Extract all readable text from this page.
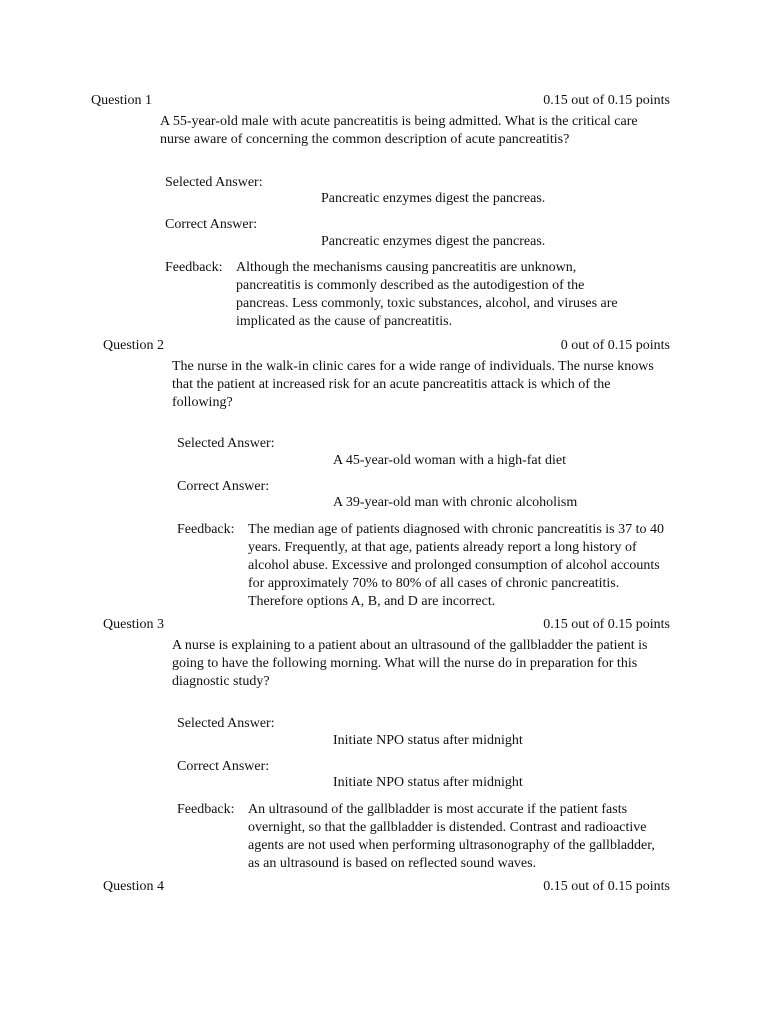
Question 1	0.15 out of 0.15 points
A 55-year-old male with acute pancreatitis is being admitted. What is the critical care nurse aware of concerning the common description of acute pancreatitis?
Selected Answer:
Pancreatic enzymes digest the pancreas.
Correct Answer:
Pancreatic enzymes digest the pancreas.
Feedback: Although the mechanisms causing pancreatitis are unknown, pancreatitis is commonly described as the autodigestion of the pancreas. Less commonly, toxic substances, alcohol, and viruses are implicated as the cause of pancreatitis.
Question 2	0 out of 0.15 points
The nurse in the walk-in clinic cares for a wide range of individuals. The nurse knows that the patient at increased risk for an acute pancreatitis attack is which of the following?
Selected Answer:
A 45-year-old woman with a high-fat diet
Correct Answer:
A 39-year-old man with chronic alcoholism
Feedback: The median age of patients diagnosed with chronic pancreatitis is 37 to 40 years. Frequently, at that age, patients already report a long history of alcohol abuse. Excessive and prolonged consumption of alcohol accounts for approximately 70% to 80% of all cases of chronic pancreatitis. Therefore options A, B, and D are incorrect.
Question 3	0.15 out of 0.15 points
A nurse is explaining to a patient about an ultrasound of the gallbladder the patient is going to have the following morning. What will the nurse do in preparation for this diagnostic study?
Selected Answer:
Initiate NPO status after midnight
Correct Answer:
Initiate NPO status after midnight
Feedback: An ultrasound of the gallbladder is most accurate if the patient fasts overnight, so that the gallbladder is distended. Contrast and radioactive agents are not used when performing ultrasonography of the gallbladder, as an ultrasound is based on reflected sound waves.
Question 4	0.15 out of 0.15 points
